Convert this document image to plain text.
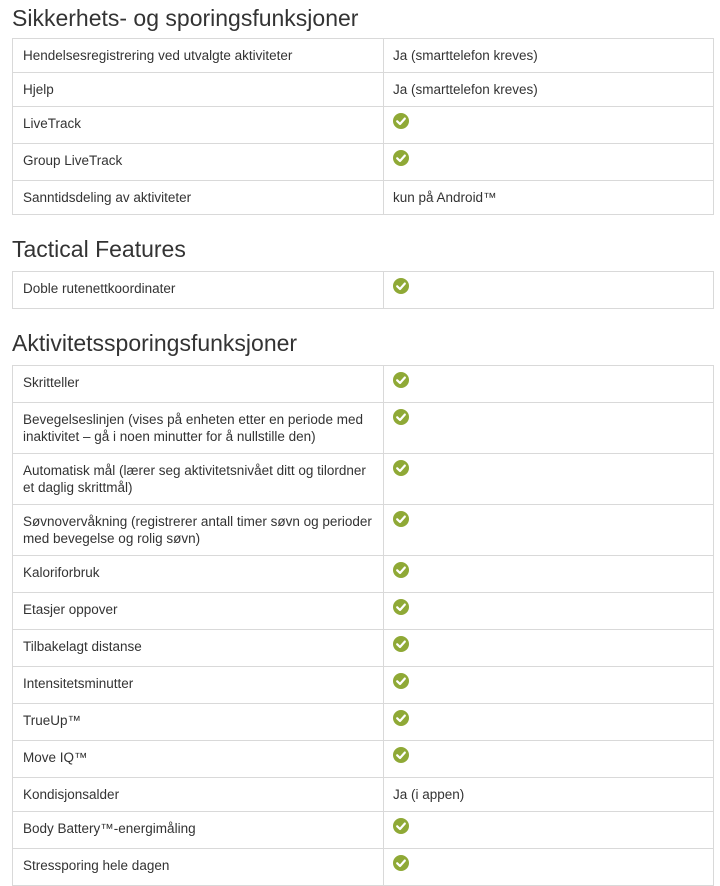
Sikkerhets- og sporingsfunksjoner
Hendelsesregistrering ved utvalgte aktiviteter	Ja (smarttelefon kreves)
Hjelp	Ja (smarttelefon kreves)
LiveTrack	

Group LiveTrack	

Sanntidsdeling av aktiviteter	kun på Android™
Tactical Features
Doble rutenettkoordinater	
Aktivitetssporingsfunksjoner
Skritteller	

Bevegelseslinjen (vises på enheten etter en periode med inaktivitet – gå i noen minutter for å nullstille den)	

Automatisk mål (lærer seg aktivitetsnivået ditt og tilordner et daglig skrittmål)	

Søvnovervåkning (registrerer antall timer søvn og perioder med bevegelse og rolig søvn)	

Kaloriforbruk	

Etasjer oppover	

Tilbakelagt distanse	

Intensitetsminutter	

TrueUp™	

Move IQ™	

Kondisjonsalder	Ja (i appen)
Body Battery™-energimåling	

Stressporing hele dagen	
